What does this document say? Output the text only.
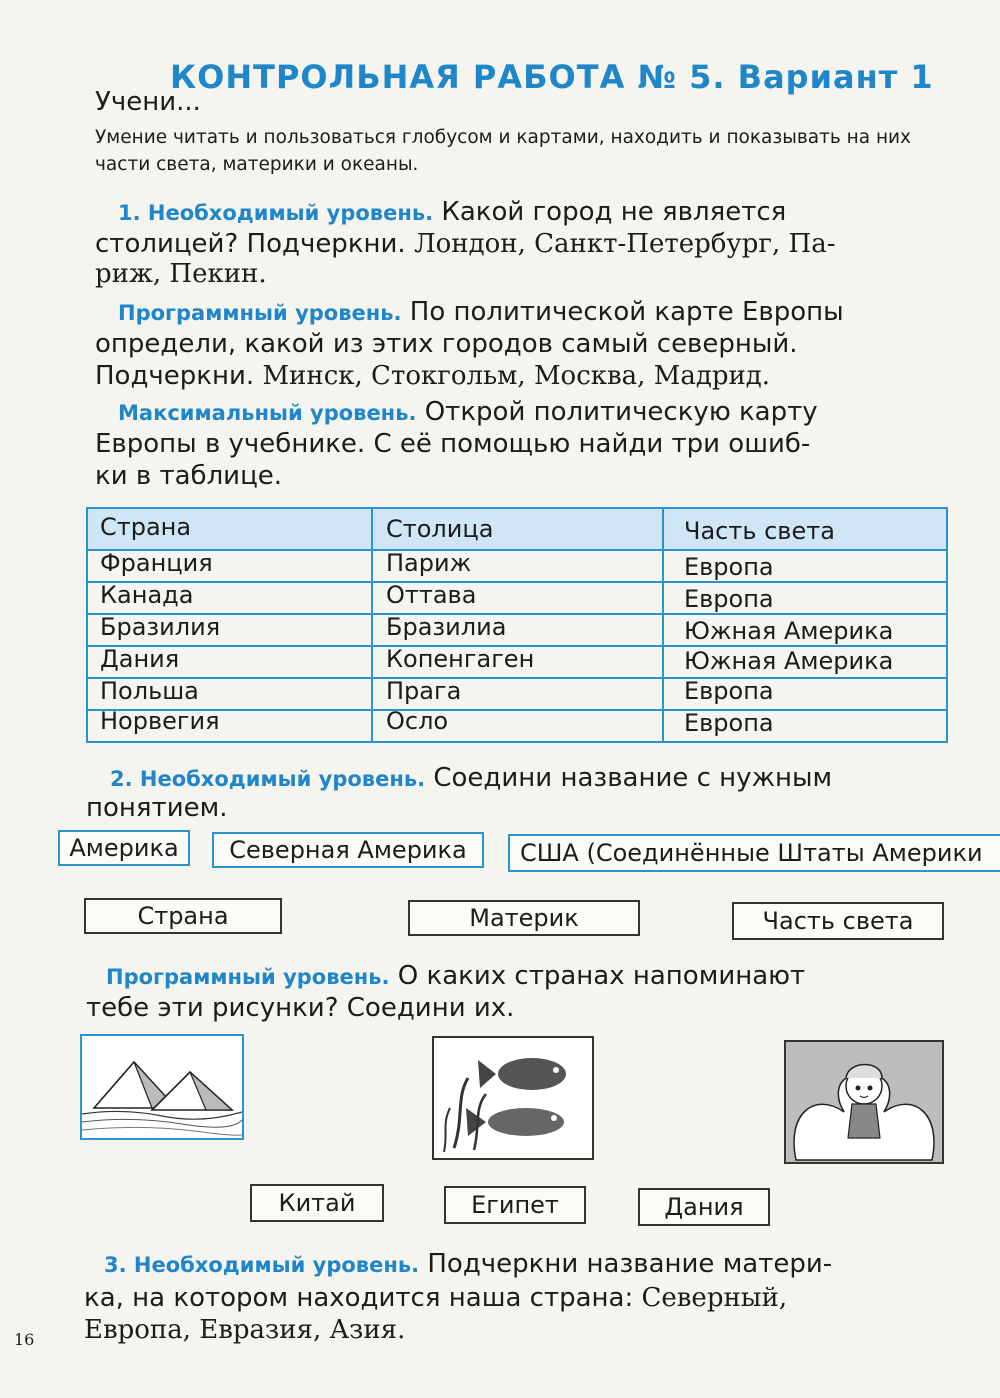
КОНТРОЛЬНАЯ РАБОТА № 5. Вариант 1
Учени...
Умение читать и пользоваться глобусом и картами, находить и показывать на них
части света, материки и океаны.
1. Необходимый уровень. Какой город не является
столицей? Подчеркни. Лондон, Санкт-Петербург, Па-
риж, Пекин.
Программный уровень. По политической карте Европы
определи, какой из этих городов самый северный.
Подчеркни. Минск, Стокгольм, Москва, Мадрид.
Максимальный уровень. Открой политическую карту
Европы в учебнике. С её помощью найди три ошиб-
ки в таблице.
Страна	Столица	Часть света
Франция	Париж	Европа
Канада	Оттава	Европа
Бразилия	Бразилиа	Южная Америка
Дания	Копенгаген	Южная Америка
Польша	Прага	Европа
Норвегия	Осло	Европа
2. Необходимый уровень. Соедини название с нужным
понятием.
Америка	Северная Америка	США (Соединённые Штаты Америки
Страна	Материк	Часть света
Программный уровень. О каких странах напоминают
тебе эти рисунки? Соедини их.
Китай	Египет	Дания
3. Необходимый уровень. Подчеркни название матери-
ка, на котором находится наша страна: Северный,
Европа, Евразия, Азия.
16
